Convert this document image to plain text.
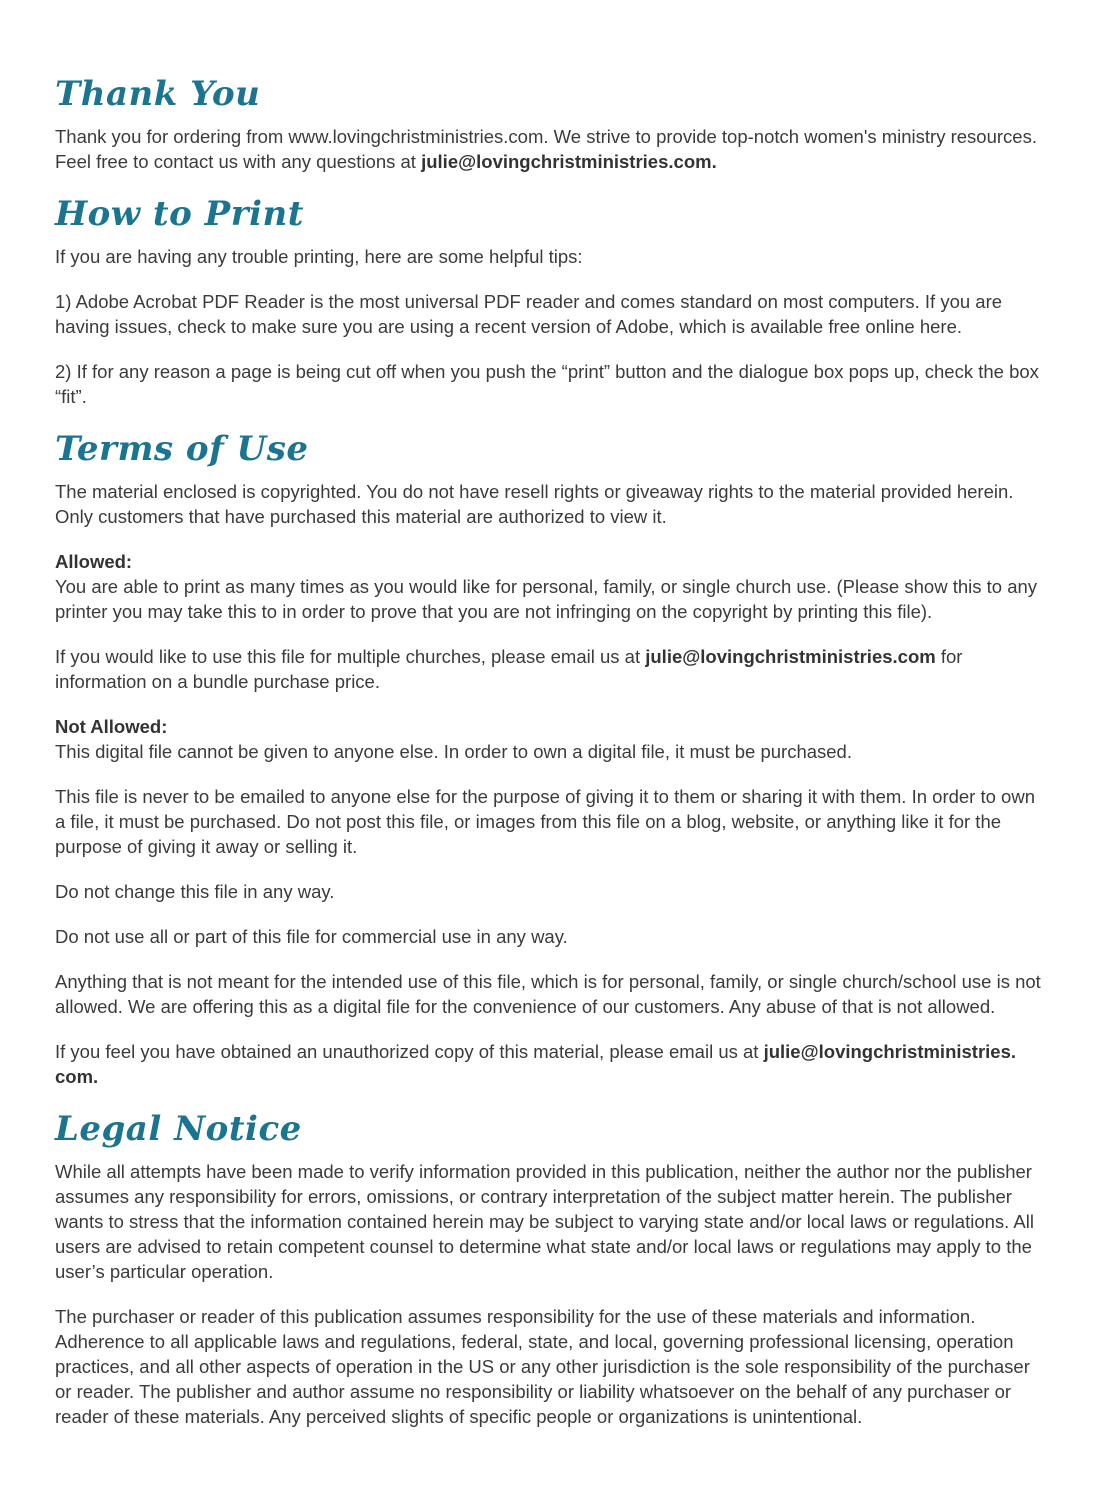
Thank You

Thank you for ordering from www.lovingchristministries.com. We strive to provide top-notch women's ministry resources. Feel free to contact us with any questions at julie@lovingchristministries.com.

How to Print

If you are having any trouble printing, here are some helpful tips:

1) Adobe Acrobat PDF Reader is the most universal PDF reader and comes standard on most computers. If you are having issues, check to make sure you are using a recent version of Adobe, which is available free online here.

2) If for any reason a page is being cut off when you push the “print” button and the dialogue box pops up, check the box “fit”.

Terms of Use

The material enclosed is copyrighted. You do not have resell rights or giveaway rights to the material provided herein. Only customers that have purchased this material are authorized to view it.

Allowed:

You are able to print as many times as you would like for personal, family, or single church use. (Please show this to any printer you may take this to in order to prove that you are not infringing on the copyright by printing this file).

If you would like to use this file for multiple churches, please email us at julie@lovingchristministries.com for information on a bundle purchase price.

Not Allowed:

This digital file cannot be given to anyone else. In order to own a digital file, it must be purchased.

This file is never to be emailed to anyone else for the purpose of giving it to them or sharing it with them. In order to own a file, it must be purchased. Do not post this file, or images from this file on a blog, website, or anything like it for the purpose of giving it away or selling it.

Do not change this file in any way.

Do not use all or part of this file for commercial use in any way.

Anything that is not meant for the intended use of this file, which is for personal, family, or single church/school use is not allowed. We are offering this as a digital file for the convenience of our customers. Any abuse of that is not allowed.

If you feel you have obtained an unauthorized copy of this material, please email us at julie@lovingchristministries. com.

Legal Notice

While all attempts have been made to verify information provided in this publication, neither the author nor the publisher assumes any responsibility for errors, omissions, or contrary interpretation of the subject matter herein. The publisher wants to stress that the information contained herein may be subject to varying state and/or local laws or regulations. All users are advised to retain competent counsel to determine what state and/or local laws or regulations may apply to the user’s particular operation.

The purchaser or reader of this publication assumes responsibility for the use of these materials and information. Adherence to all applicable laws and regulations, federal, state, and local, governing professional licensing, operation practices, and all other aspects of operation in the US or any other jurisdiction is the sole responsibility of the purchaser or reader. The publisher and author assume no responsibility or liability whatsoever on the behalf of any purchaser or reader of these materials. Any perceived slights of specific people or organizations is unintentional.
